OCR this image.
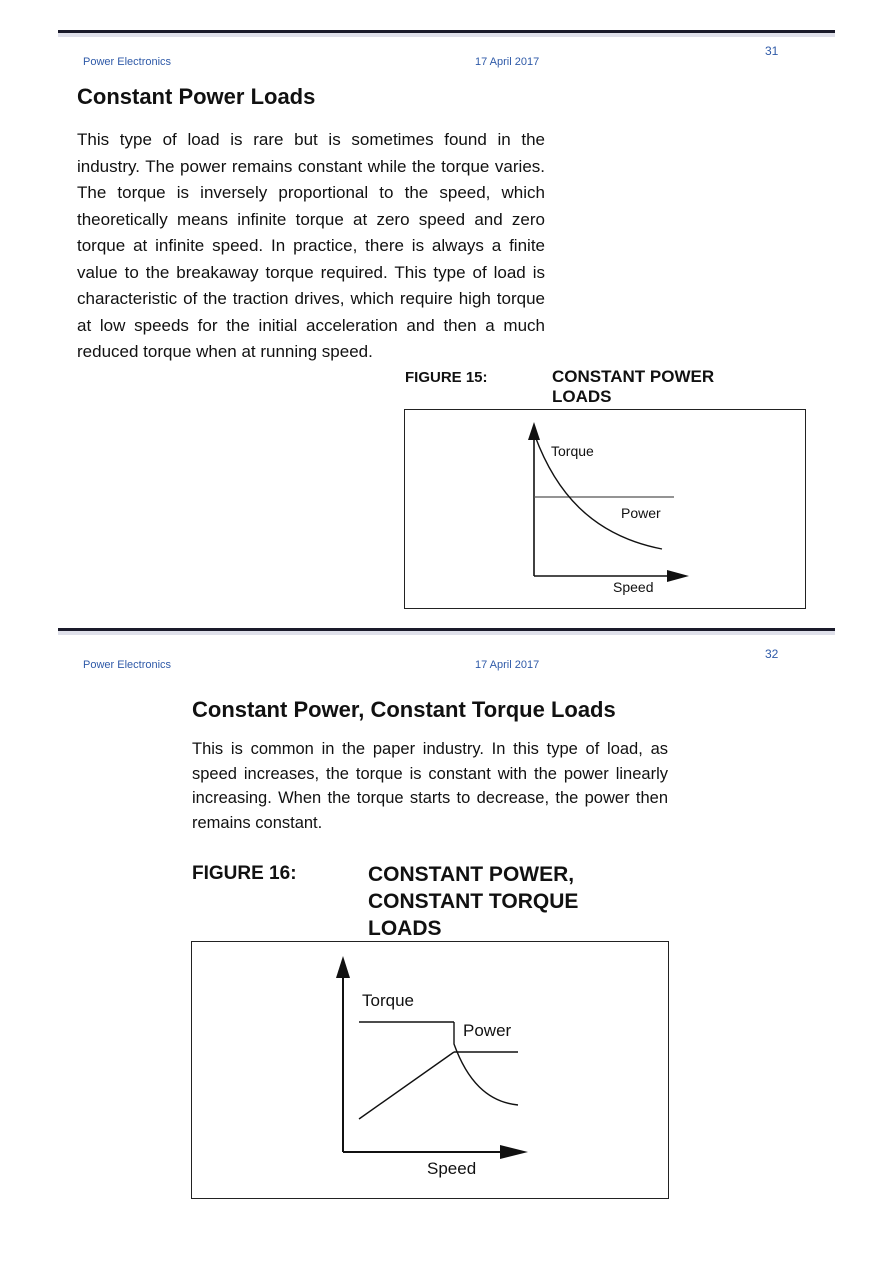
Power Electronics	17 April 2017
31
Constant Power Loads
This type of load is rare but is sometimes found in the industry. The power remains constant while the torque varies. The torque is inversely proportional to the speed, which theoretically means infinite torque at zero speed and zero torque at infinite speed. In practice, there is always a finite value to the breakaway torque required. This type of load is characteristic of the traction drives, which require high torque at low speeds for the initial acceleration and then a much reduced torque when at running speed.
FIGURE 15:	CONSTANT POWER LOADS
Torque
Power
Speed
Power Electronics	17 April 2017
32
Constant Power, Constant Torque Loads
This is common in the paper industry. In this type of load, as speed increases, the torque is constant with the power linearly increasing. When the torque starts to decrease, the power then remains constant.
FIGURE 16:	CONSTANT POWER, CONSTANT TORQUE LOADS
Torque
Power
Speed
